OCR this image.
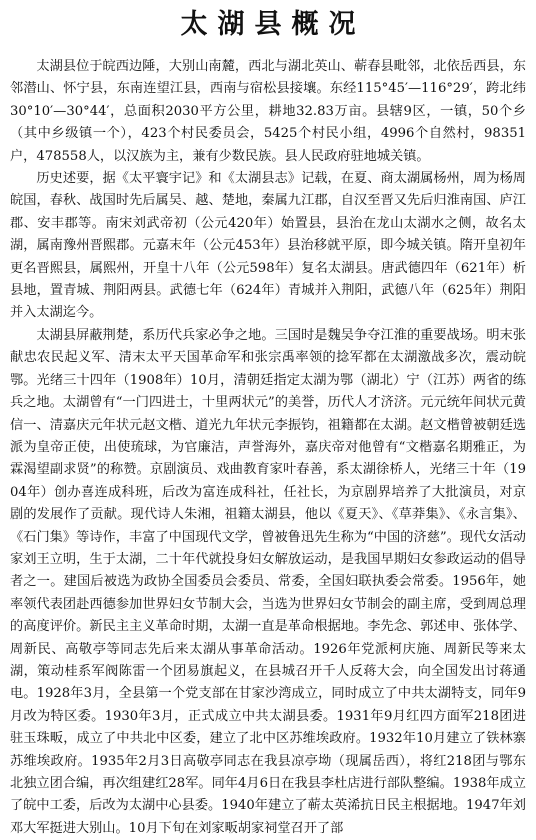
太湖县概况

太湖县位于皖西边陲，大别山南麓，西北与湖北英山、蕲春县毗邻，北依岳西县，东邻潜山、怀宁县，东南连望江县，西南与宿松县接壤。东经115°45′—116°29′，跨北纬30°10′—30°44′，总面积2030平方公里，耕地32.83万亩。县辖9区，一镇，50个乡（其中乡级镇一个），423个村民委员会，5425个村民小组，4996个自然村，98351户，478558人，以汉族为主，兼有少数民族。县人民政府驻地城关镇。

历史述要，据《太平寰宇记》和《太湖县志》记载，在夏、商太湖属杨州，周为杨周皖国，春秋、战国时先后属吴、越、楚地，秦属九江郡，自汉至晋又先后归淮南国、庐江郡、安丰郡等。南宋刘武帝初（公元420年）始置县，县治在龙山太湖水之侧，故名太湖，属南豫州晋熙郡。元嘉末年（公元453年）县治移就平原，即今城关镇。隋开皇初年更名晋熙县，属熙州，开皇十八年（公元598年）复名太湖县。唐武德四年（621年）析县地，置青城、荆阳两县。武德七年（624年）青城并入荆阳，武德八年（625年）荆阳并入太湖迄今。

太湖县屏蔽荆楚，系历代兵家必争之地。三国时是魏吴争夺江淮的重要战场。明末张献忠农民起义军、清末太平天国革命军和张宗禹率领的捻军都在太湖激战多次，震动皖鄂。光绪三十四年（1908年）10月，清朝廷指定太湖为鄂（湖北）宁（江苏）两省的练兵之地。太湖曾有“一门四进士，十里两状元”的美誉，历代人才济济。元元统年间状元黄信一、清嘉庆元年状元赵文楷、道光九年状元李振钧，祖籍都在太湖。赵文楷曾被朝廷选派为皇帝正使，出使琉球，为官廉洁，声誉海外，嘉庆帝对他曾有“文楷嘉名期雅正，为霖渴望副求贤”的称赞。京剧演员、戏曲教育家叶春善，系太湖徐桥人，光绪三十年（1904年）创办喜连成科班，后改为富连成科社，任社长，为京剧界培养了大批演员，对京剧的发展作了贡献。现代诗人朱湘，祖籍太湖县，他以《夏天》、《草莽集》、《永言集》、《石门集》等诗作，丰富了中国现代文学，曾被鲁迅先生称为“中国的济慈”。现代女活动家刘王立明，生于太湖，二十年代就投身妇女解放运动，是我国早期妇女参政运动的倡导者之一。建国后被选为政协全国委员会委员、常委，全国妇联执委会常委。1956年，她率领代表团赴西德参加世界妇女节制大会，当选为世界妇女节制会的副主席，受到周总理的高度评价。新民主主义革命时期，太湖一直是革命根据地。李先念、郭述申、张体学、周新民、高敬亭等同志先后来太湖从事革命活动。1926年党派柯庆施、周新民等来太湖，策动桂系军阀陈雷一个团易旗起义，在县城召开千人反蒋大会，向全国发出讨蒋通电。1928年3月，全县第一个党支部在甘家沙湾成立，同时成立了中共太湖特支，同年9月改为特区委。1930年3月，正式成立中共太湖县委。1931年9月红四方面军218团进驻玉珠畈，成立了中共北中区委，建立了北中区苏维埃政府。1932年10月建立了铁林寨苏维埃政府。1935年2月3日高敬亭同志在我县凉亭坳（现属岳西），将红218团与鄂东北独立团合编，再次组建红28军。同年4月6日在我县李杜店进行部队整编。1938年成立了皖中工委，后改为太湖中心县委。1940年建立了蕲太英浠抗日民主根据地。1947年刘邓大军挺进大别山。10月下旬在刘家畈胡家祠堂召开了部
